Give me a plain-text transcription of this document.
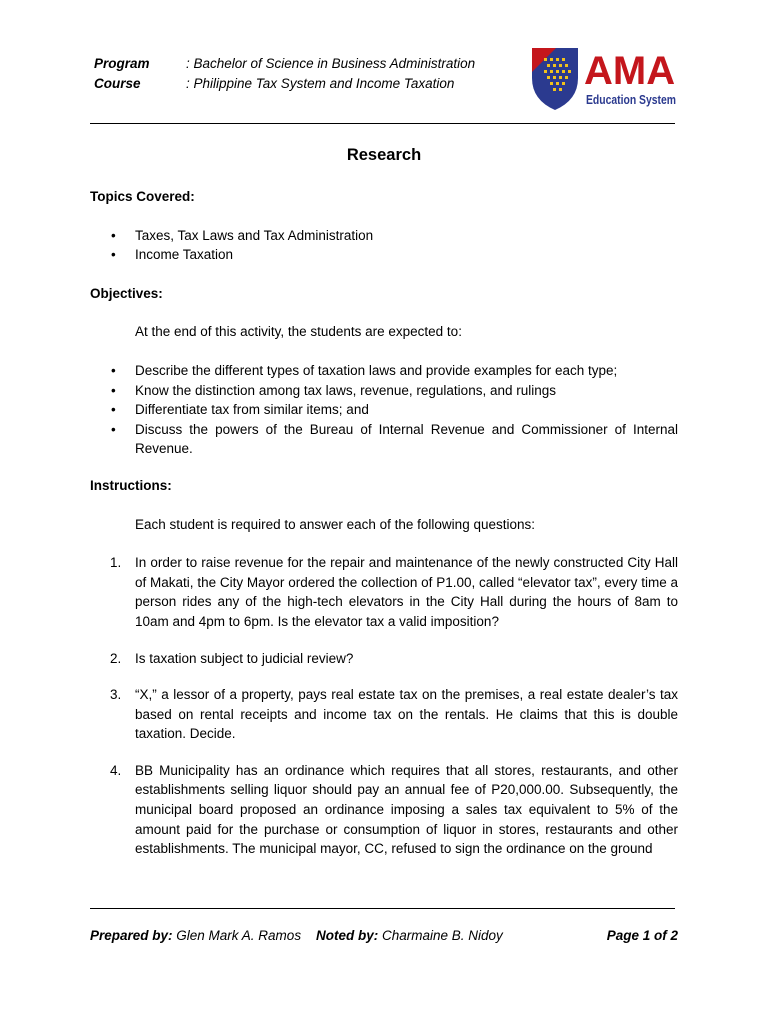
Program	: Bachelor of Science in Business Administration
Course	: Philippine Tax System and Income Taxation	AMA
Education System
Research

Topics Covered:

• Taxes, Tax Laws and Tax Administration
• Income Taxation

Objectives:

At the end of this activity, the students are expected to:

• Describe the different types of taxation laws and provide examples for each type;
• Know the distinction among tax laws, revenue, regulations, and rulings
• Differentiate tax from similar items; and
• Discuss the powers of the Bureau of Internal Revenue and Commissioner of Internal Revenue.

Instructions:

Each student is required to answer each of the following questions:

1. In order to raise revenue for the repair and maintenance of the newly constructed City Hall of Makati, the City Mayor ordered the collection of P1.00, called “elevator tax”, every time a person rides any of the high-tech elevators in the City Hall during the hours of 8am to 10am and 4pm to 6pm. Is the elevator tax a valid imposition?
2. Is taxation subject to judicial review?
3. “X,” a lessor of a property, pays real estate tax on the premises, a real estate dealer’s tax based on rental receipts and income tax on the rentals. He claims that this is double taxation. Decide.
4. BB Municipality has an ordinance which requires that all stores, restaurants, and other establishments selling liquor should pay an annual fee of P20,000.00. Subsequently, the municipal board proposed an ordinance imposing a sales tax equivalent to 5% of the amount paid for the purchase or consumption of liquor in stores, restaurants and other establishments. The municipal mayor, CC, refused to sign the ordinance on the ground
Prepared by: Glen Mark A. Ramos Noted by: Charmaine B. Nidoy	Page 1 of 2
